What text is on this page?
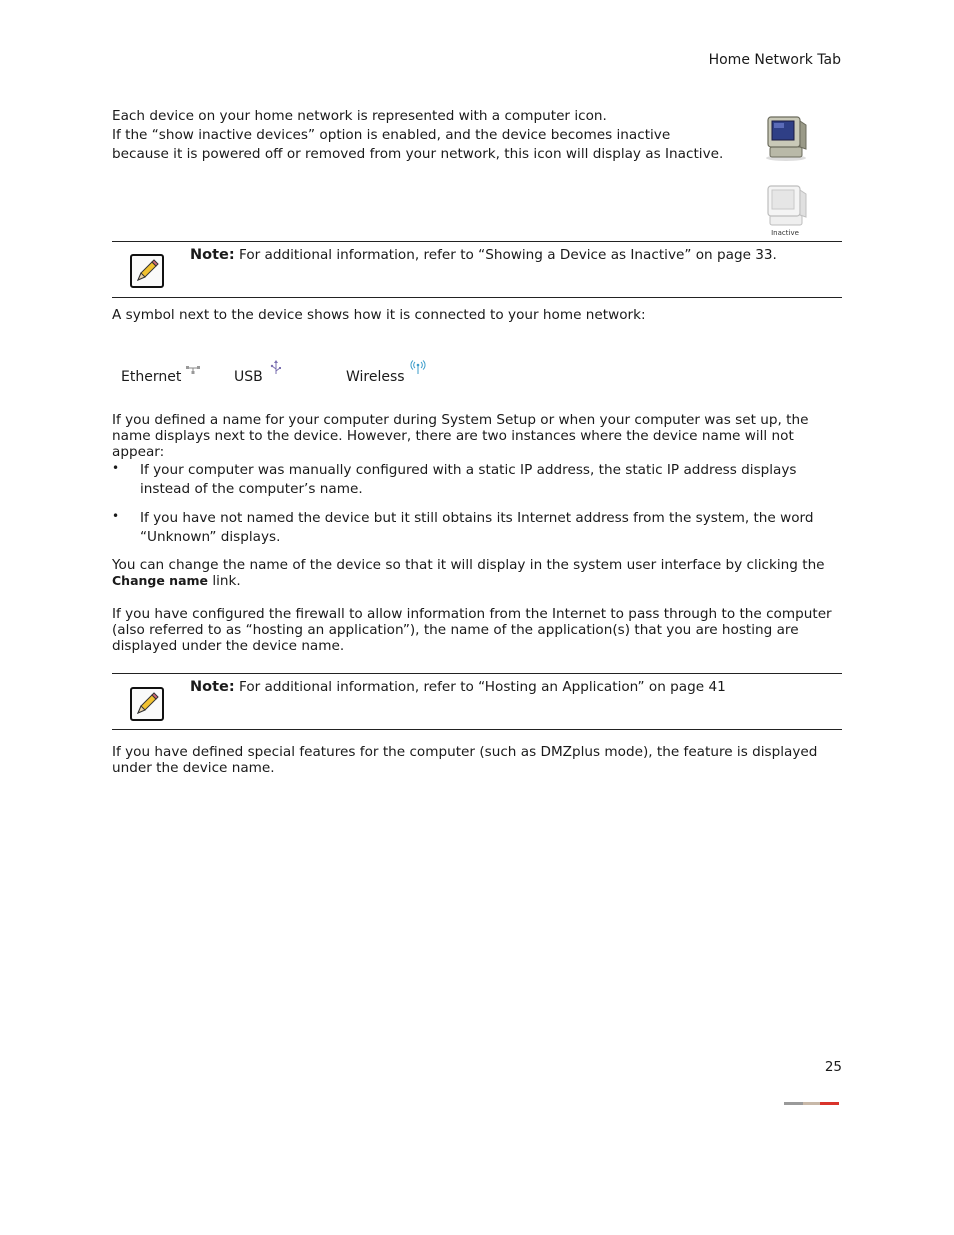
Home Network Tab

Each device on your home network is represented with a computer icon.

If the “show inactive devices” option is enabled, and the device becomes inactive

because it is powered off or removed from your network, this icon will display as Inactive.

Inactive
Note: For additional information, refer to “Showing a Device as Inactive” on page 33.
A symbol next to the device shows how it is connected to your home network:
Ethernet	USB	Wireless
If you defined a name for your computer during System Setup or when your computer was set up, the name displays next to the device. However, there are two instances where the device name will not appear:
• If your computer was manually configured with a static IP address, the static IP address displays instead of the computer’s name.
• If you have not named the device but it still obtains its Internet address from the system, the word “Unknown” displays.
You can change the name of the device so that it will display in the system user interface by clicking the Change name link.
If you have configured the firewall to allow information from the Internet to pass through to the computer (also referred to as “hosting an application”), the name of the application(s) that you are hosting are displayed under the device name.
Note: For additional information, refer to “Hosting an Application” on page 41
If you have defined special features for the computer (such as DMZplus mode), the feature is displayed under the device name.
25
